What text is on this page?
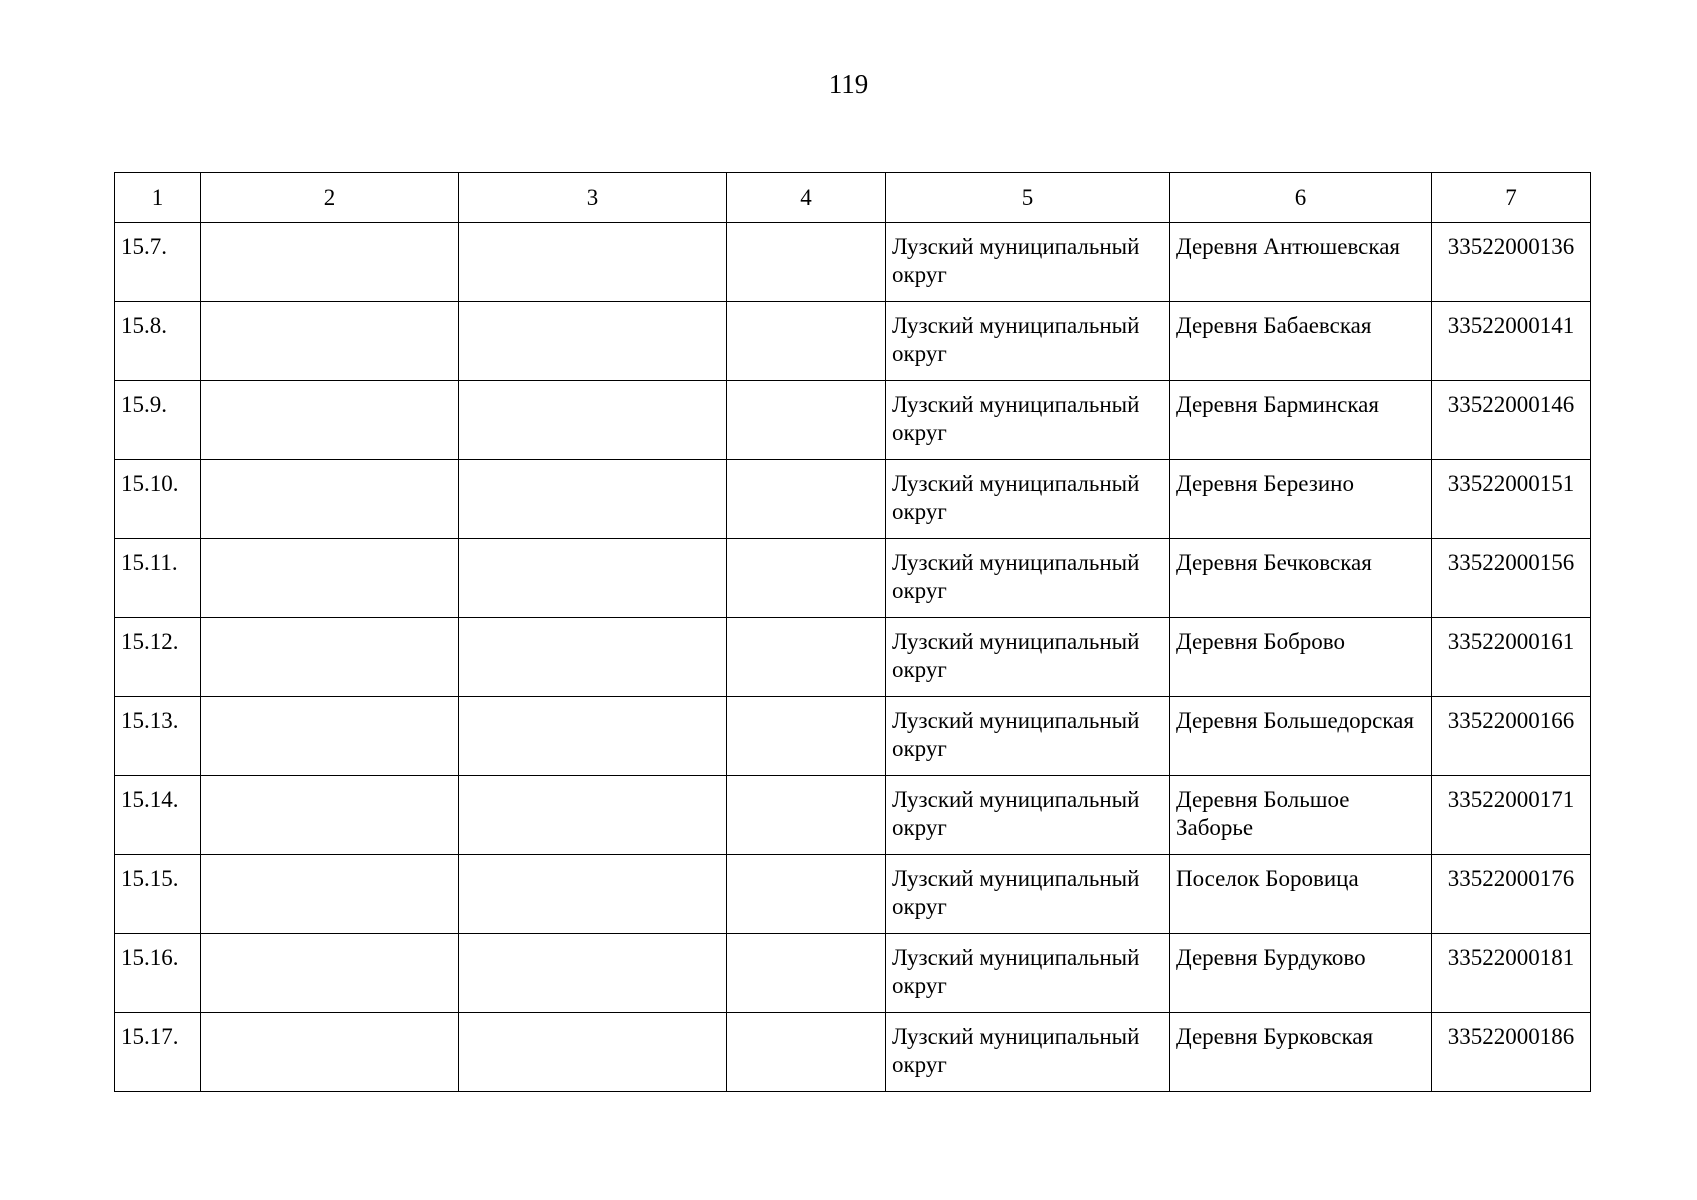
119
1	2	3	4	5	6	7
15.7.				Лузский муниципальный округ	Деревня Антюшевская	33522000136
15.8.				Лузский муниципальный округ	Деревня Бабаевская	33522000141
15.9.				Лузский муниципальный округ	Деревня Барминская	33522000146
15.10.				Лузский муниципальный округ	Деревня Березино	33522000151
15.11.				Лузский муниципальный округ	Деревня Бечковская	33522000156
15.12.				Лузский муниципальный округ	Деревня Боброво	33522000161
15.13.				Лузский муниципальный округ	Деревня Большедорская	33522000166
15.14.				Лузский муниципальный округ	Деревня Большое Заборье	33522000171
15.15.				Лузский муниципальный округ	Поселок Боровица	33522000176
15.16.				Лузский муниципальный округ	Деревня Бурдуково	33522000181
15.17.				Лузский муниципальный округ	Деревня Бурковская	33522000186
